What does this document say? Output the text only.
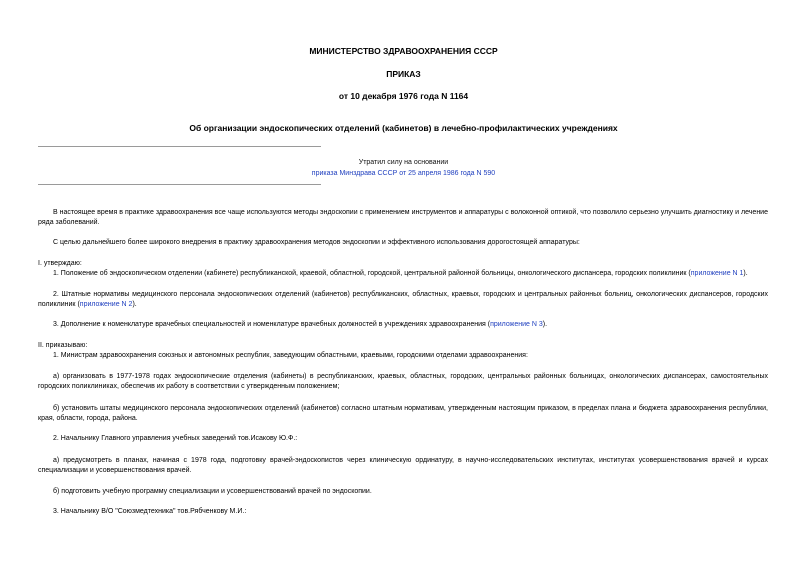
МИНИСТЕРСТВО ЗДРАВООХРАНЕНИЯ СССР
ПРИКАЗ
от 10 декабря 1976 года N 1164
Об организации эндоскопических отделений (кабинетов) в лечебно-профилактических учреждениях
Утратил силу на основании
приказа Минздрава СССР от 25 апреля 1986 года N 590
В настоящее время в практике здравоохранения все чаще используются методы эндоскопии с применением инструментов и аппаратуры с волоконной оптикой, что позволило серьезно улучшить диагностику и лечение ряда заболеваний.
С целью дальнейшего более широкого внедрения в практику здравоохранения методов эндоскопии и эффективного использования дорогостоящей аппаратуры:
I. утверждаю:
1. Положение об эндоскопическом отделении (кабинете) республиканской, краевой, областной, городской, центральной районной больницы, онкологического диспансера, городских поликлиник (приложение N 1).
2. Штатные нормативы медицинского персонала эндоскопических отделений (кабинетов) республиканских, областных, краевых, городских и центральных районных больниц, онкологических диспансеров, городских поликлиник (приложение N 2).
3. Дополнение к номенклатуре врачебных специальностей и номенклатуре врачебных должностей в учреждениях здравоохранения (приложение N 3).
II. приказываю:
1. Министрам здравоохранения союзных и автономных республик, заведующим областными, краевыми, городскими отделами здравоохранения:
а) организовать в 1977-1978 годах эндоскопические отделения (кабинеты) в республиканских, краевых, областных, городских, центральных районных больницах, онкологических диспансерах, самостоятельных городских поликлиниках, обеспечив их работу в соответствии с утвержденным положением;
б) установить штаты медицинского персонала эндоскопических отделений (кабинетов) согласно штатным нормативам, утвержденным настоящим приказом, в пределах плана и бюджета здравоохранения республики, края, области, города, района.
2. Начальнику Главного управления учебных заведений тов.Исакову Ю.Ф.:
а) предусмотреть в планах, начиная с 1978 года, подготовку врачей-эндоскопистов через клиническую ординатуру, в научно-исследовательских институтах, институтах усовершенствования врачей и курсах специализации и усовершенствования врачей.
б) подготовить учебную программу специализации и усовершенствований врачей по эндоскопии.
3. Начальнику В/О "Союзмедтехника" тов.Рябченкову М.И.:
